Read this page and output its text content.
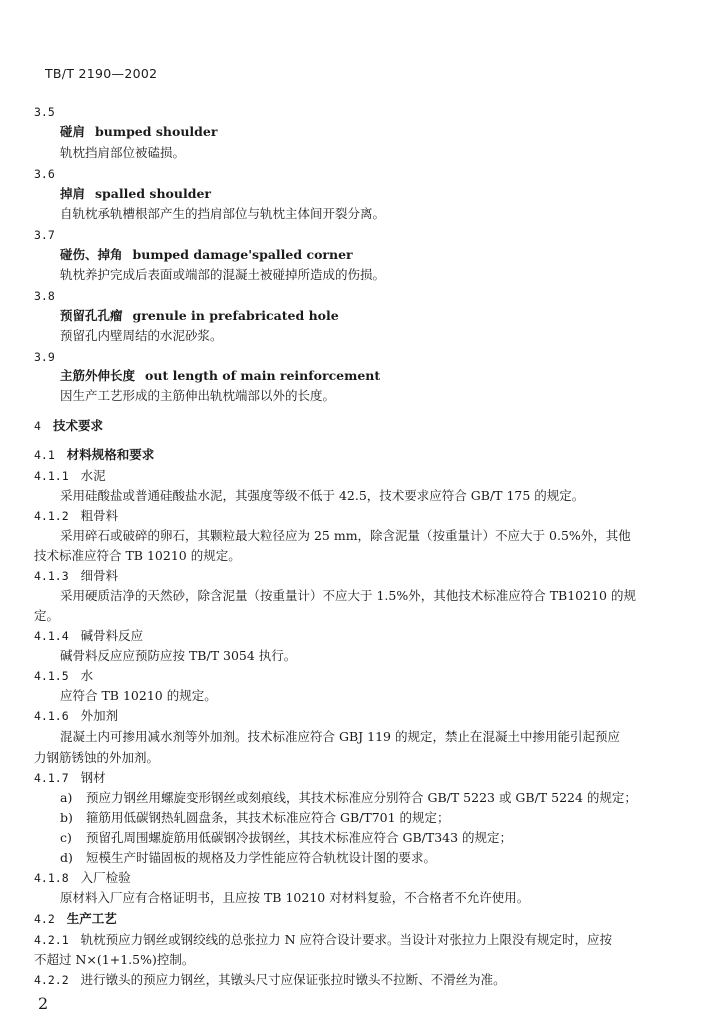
TB/T 2190—2002
3.5
碰肩 bumped shoulder
轨枕挡肩部位被磕损。
3.6
掉肩 spalled shoulder
自轨枕承轨槽根部产生的挡肩部位与轨枕主体间开裂分离。
3.7
碰伤、掉角 bumped damage'spalled corner
轨枕养护完成后表面或端部的混凝土被碰掉所造成的伤损。
3.8
预留孔孔瘤 grenule in prefabricated hole
预留孔内壁周结的水泥砂浆。
3.9
主筋外伸长度 out length of main reinforcement
因生产工艺形成的主筋伸出轨枕端部以外的长度。
4 技术要求
4.1 材料规格和要求
4.1.1 水泥
采用硅酸盐或普通硅酸盐水泥，其强度等级不低于 42.5，技术要求应符合 GB/T 175 的规定。
4.1.2 粗骨料
采用碎石或破碎的卵石，其颗粒最大粒径应为 25 mm，除含泥量（按重量计）不应大于 0.5%外，其他
技术标准应符合 TB 10210 的规定。
4.1.3 细骨料
采用硬质洁净的天然砂，除含泥量（按重量计）不应大于 1.5%外，其他技术标准应符合 TB10210 的规
定。
4.1.4 碱骨料反应
碱骨料反应应预防应按 TB/T 3054 执行。
4.1.5 水
应符合 TB 10210 的规定。
4.1.6 外加剂
混凝土内可掺用减水剂等外加剂。技术标准应符合 GBJ 119 的规定，禁止在混凝土中掺用能引起预应
力钢筋锈蚀的外加剂。
4.1.7 钢材
a) 预应力钢丝用螺旋变形钢丝或刻痕线，其技术标准应分别符合 GB/T 5223 或 GB/T 5224 的规定；
b) 箍筋用低碳钢热轧圆盘条，其技术标准应符合 GB/T701 的规定；
c) 预留孔周围螺旋筋用低碳钢冷拔钢丝，其技术标准应符合 GB/T343 的规定；
d) 短模生产时锚固板的规格及力学性能应符合轨枕设计图的要求。
4.1.8 入厂检验
原材料入厂应有合格证明书，且应按 TB 10210 对材料复验，不合格者不允许使用。
4.2 生产工艺
4.2.1 轨枕预应力钢丝或钢绞线的总张拉力 N 应符合设计要求。当设计对张拉力上限没有规定时，应按
不超过 N×(1+1.5%)控制。
4.2.2 进行镦头的预应力钢丝，其镦头尺寸应保证张拉时镦头不拉断、不滑丝为准。
2
